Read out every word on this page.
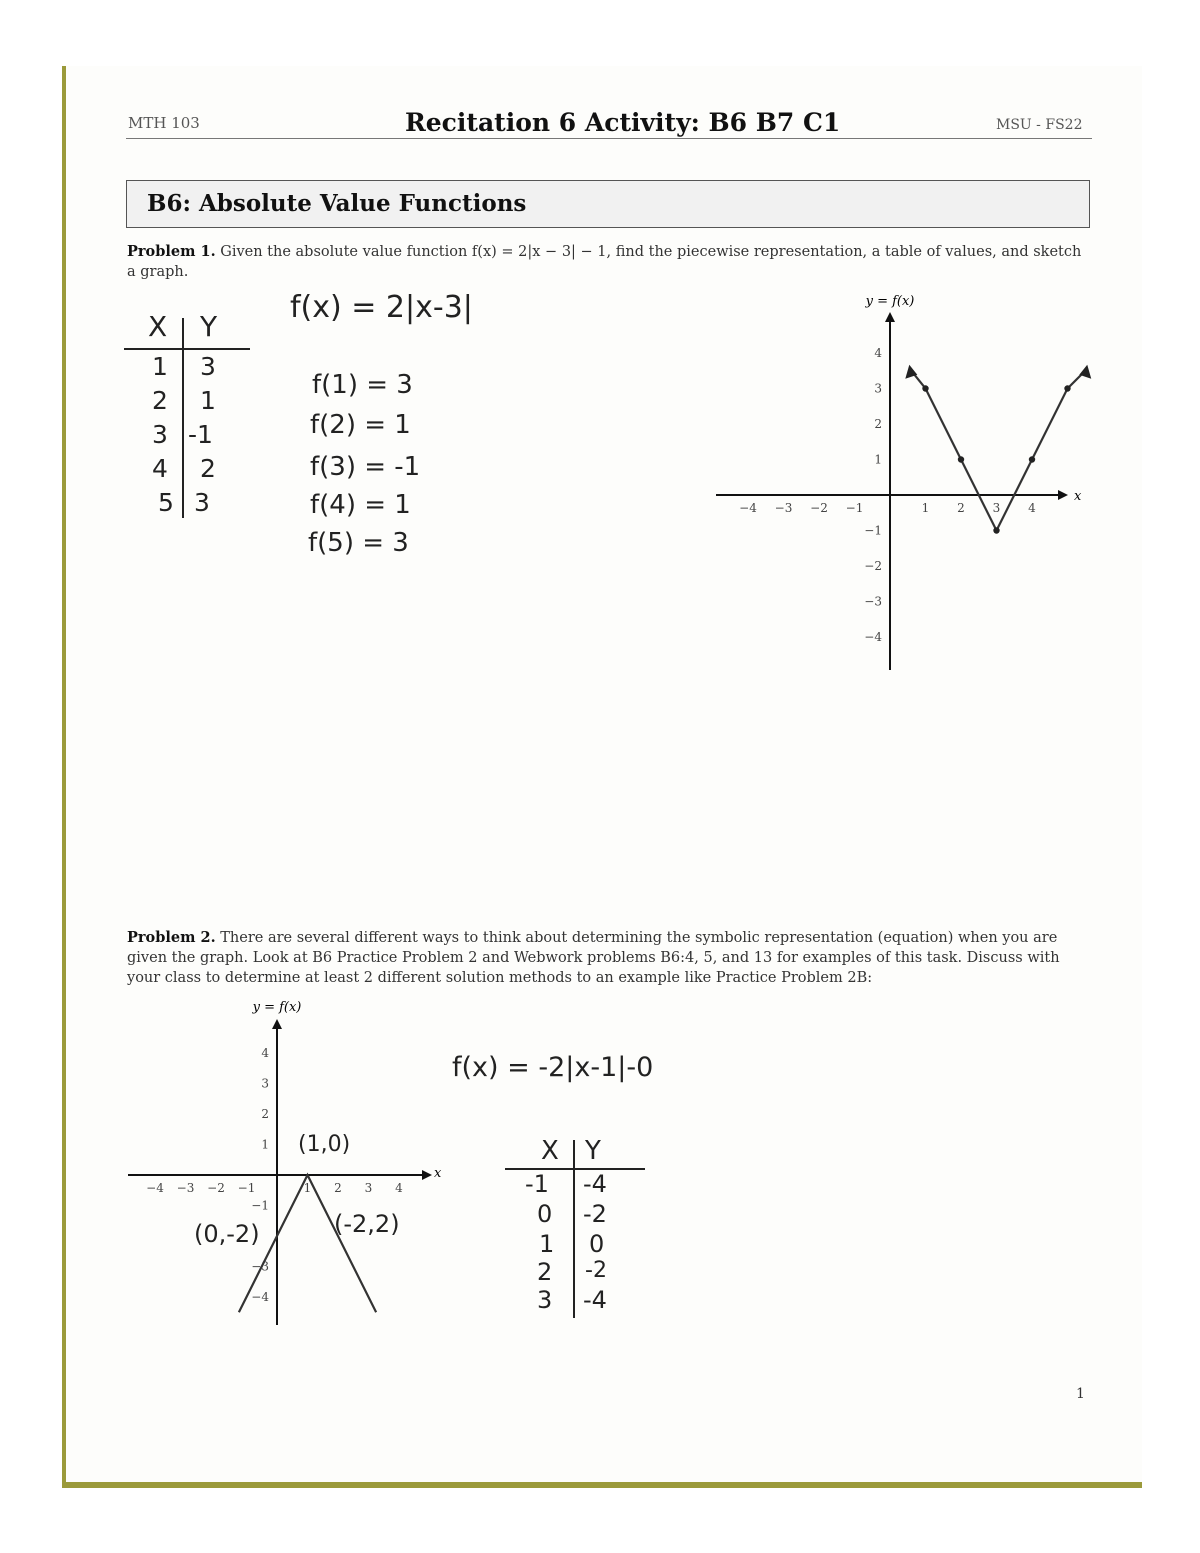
MTH 103	Recitation 6 Activity: B6 B7 C1	MSU - FS22
B6: Absolute Value Functions
Problem 1. Given the absolute value function f(x) = 2|x − 3| − 1, find the piecewise representation, a table of values, and sketch a graph.
f(x) = 2|x-3|
X Y
1 3
2 1
3 -1
4 2
5 3
f(1) = 3
f(2) = 1
f(3) = -1
f(4) = 1
f(5) = 3
y = f(x)
x
−4 −3 −2 −1	1 2 3 4
4
3
2
1
−1
−2
−3
−4
Problem 2. There are several different ways to think about determining the symbolic representation (equation) when you are given the graph. Look at B6 Practice Problem 2 and Webwork problems B6:4, 5, and 13 for examples of this task. Discuss with your class to determine at least 2 different solution methods to an example like Practice Problem 2B:
y = f(x)
x
−4 −3 −2 −1	1 2 3 4
4
3
2
1
−1
−3
−4
(1,0)
(0,-2)	(-2,2)
f(x) = -2|x-1|-0
X Y
-1 -4
0 -2
1 0
2 -2
3 -4
1
